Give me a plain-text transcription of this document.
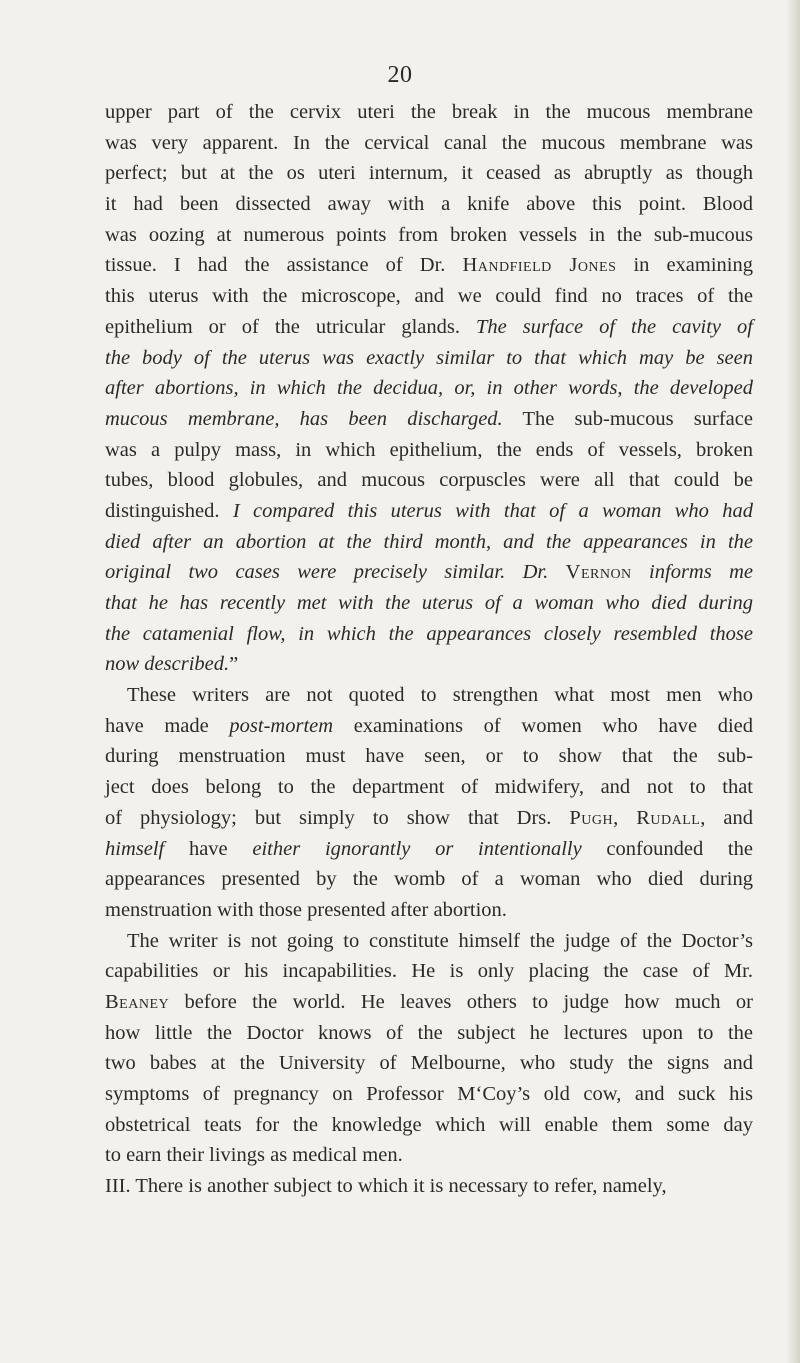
20
upper part of the cervix uteri the break in the mucous membrane
was very apparent. In the cervical canal the mucous membrane was
perfect; but at the os uteri internum, it ceased as abruptly as though
it had been dissected away with a knife above this point. Blood
was oozing at numerous points from broken vessels in the sub-mucous
tissue. I had the assistance of Dr. Handfield Jones in examining
this uterus with the microscope, and we could find no traces of the
epithelium or of the utricular glands. The surface of the cavity of
the body of the uterus was exactly similar to that which may be seen
after abortions, in which the decidua, or, in other words, the developed
mucous membrane, has been discharged. The sub-mucous surface
was a pulpy mass, in which epithelium, the ends of vessels, broken
tubes, blood globules, and mucous corpuscles were all that could be
distinguished. I compared this uterus with that of a woman who had
died after an abortion at the third month, and the appearances in the
original two cases were precisely similar. Dr. Vernon informs me
that he has recently met with the uterus of a woman who died during
the catamenial flow, in which the appearances closely resembled those
now described.”
These writers are not quoted to strengthen what most men who
have made post-mortem examinations of women who have died
during menstruation must have seen, or to show that the sub-
ject does belong to the department of midwifery, and not to that
of physiology; but simply to show that Drs. Pugh, Rudall, and
himself have either ignorantly or intentionally confounded the
appearances presented by the womb of a woman who died during
menstruation with those presented after abortion.
The writer is not going to constitute himself the judge of the Doctor’s
capabilities or his incapabilities. He is only placing the case of Mr.
Beaney before the world. He leaves others to judge how much or
how little the Doctor knows of the subject he lectures upon to the
two babes at the University of Melbourne, who study the signs and
symptoms of pregnancy on Professor M‘Coy’s old cow, and suck his
obstetrical teats for the knowledge which will enable them some day
to earn their livings as medical men.
III. There is another subject to which it is necessary to refer, namely,
